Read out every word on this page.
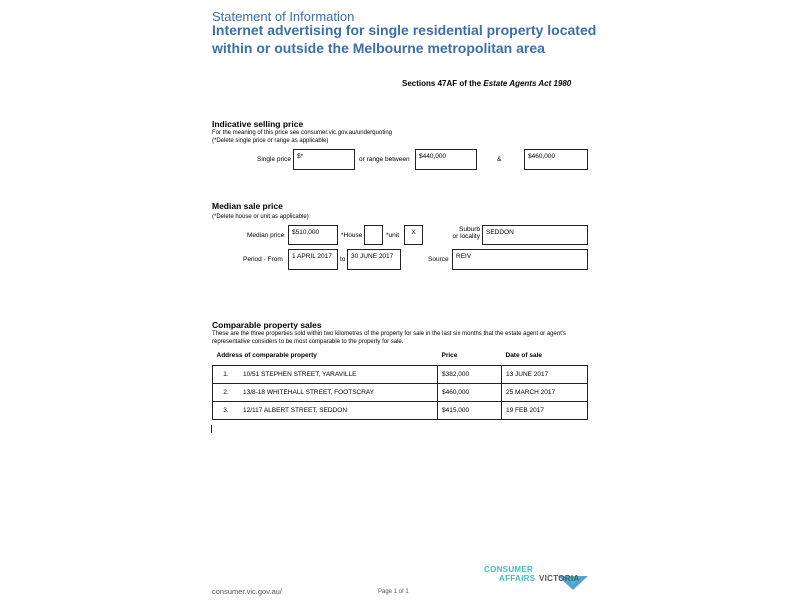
Statement of Information
Internet advertising for single residential property located within or outside the Melbourne metropolitan area
Sections 47AF of the Estate Agents Act 1980
Indicative selling price
For the meaning of this price see consumer.vic.gov.au/underquoting
(*Delete single price or range as applicable)
Single price $*	or range between	$440,000	&	$460,000
Median sale price
(*Delete house or unit as applicable)
Median price	$510,000	*House	*unit	X	Suburb
or locality
SEDDON
Period - From	1 APRIL 2017	to 30 JUNE 2017	Source	REIV
Comparable property sales
These are the three properties sold within two kilometres of the property for sale in the last six months that the estate agent or agent's representative considers to be most comparable to the property for sale.
Address of comparable property		Price	Date of sale
1.	10/51 STEPHEN STREET, YARAVILLE	$382,000	13 JUNE 2017
2.	13/8-18 WHITEHALL STREET, FOOTSCRAY	$460,000	25 MARCH 2017
3.	12/117 ALBERT STREET, SEDDON	$415,000	19 FEB 2017
consumer.vic.gov.au/	Page 1 of 1
CONSUMER
AFFAIRS VICTORIA
